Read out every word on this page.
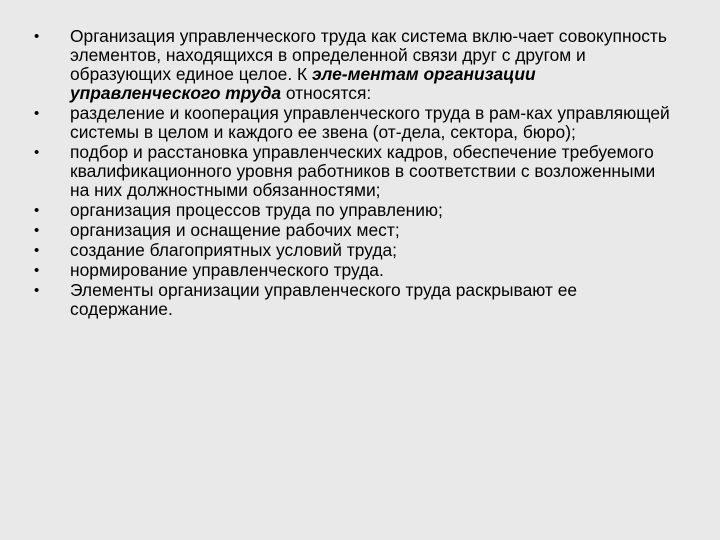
•	Организация управленческого труда как система вклю-чает совокупность элементов, находящихся в определенной связи друг с другом и образующих единое целое. К эле-ментам организации управленческого труда относятся:
•	разделение и кооперация управленческого труда в рам-ках управляющей системы в целом и каждого ее звена (от-дела, сектора, бюро);
•	подбор и расстановка управленческих кадров, обеспечение требуемого квалификационного уровня работников в соответствии с возложенными на них должностными обязанностями;
•	организация процессов труда по управлению;
•	организация и оснащение рабочих мест;
•	создание благоприятных условий труда;
•	нормирование управленческого труда.
•	Элементы организации управленческого труда раскрывают ее содержание.
